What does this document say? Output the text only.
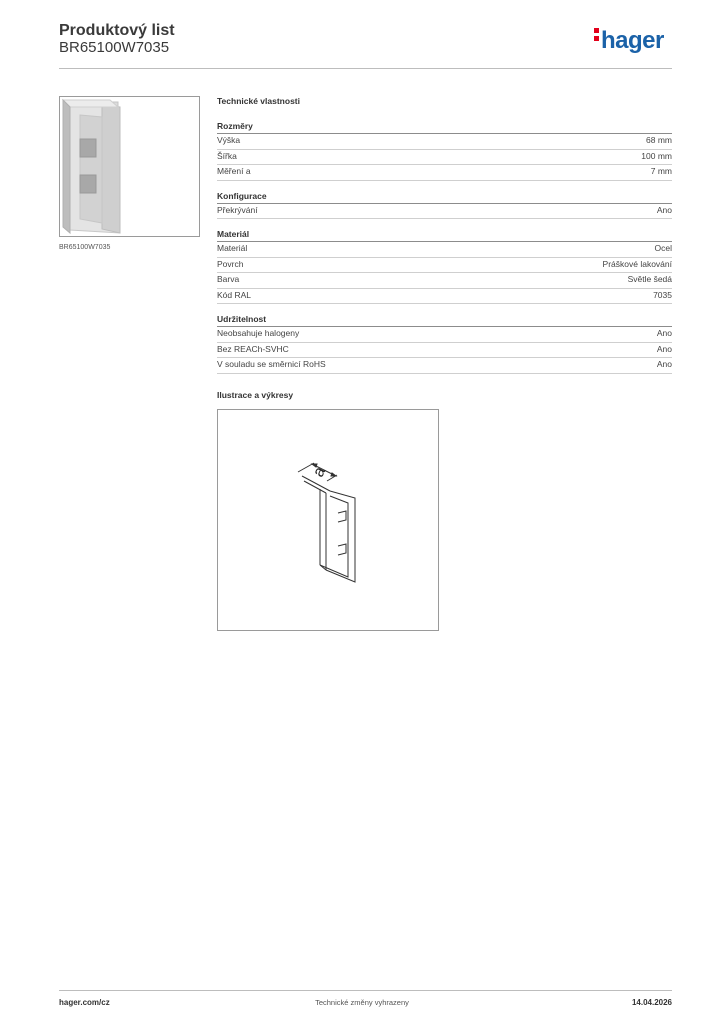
Produktový list
BR65100W7035	hager
BR65100W7035
Technické vlastnosti
Rozměry
Výška	68 mm
Šířka	100 mm
Měření a	7 mm
Konfigurace
Překrývání	Ano
Materiál
Materiál	Ocel
Povrch	Práškové lakování
Barva	Světle šedá
Kód RAL	7035
Udržitelnost
Neobsahuje halogeny	Ano
Bez REACh-SVHC	Ano
V souladu se směrnicí RoHS	Ano
Ilustrace a výkresy
a
hager.com/cz	Technické změny vyhrazeny	14.04.2026
